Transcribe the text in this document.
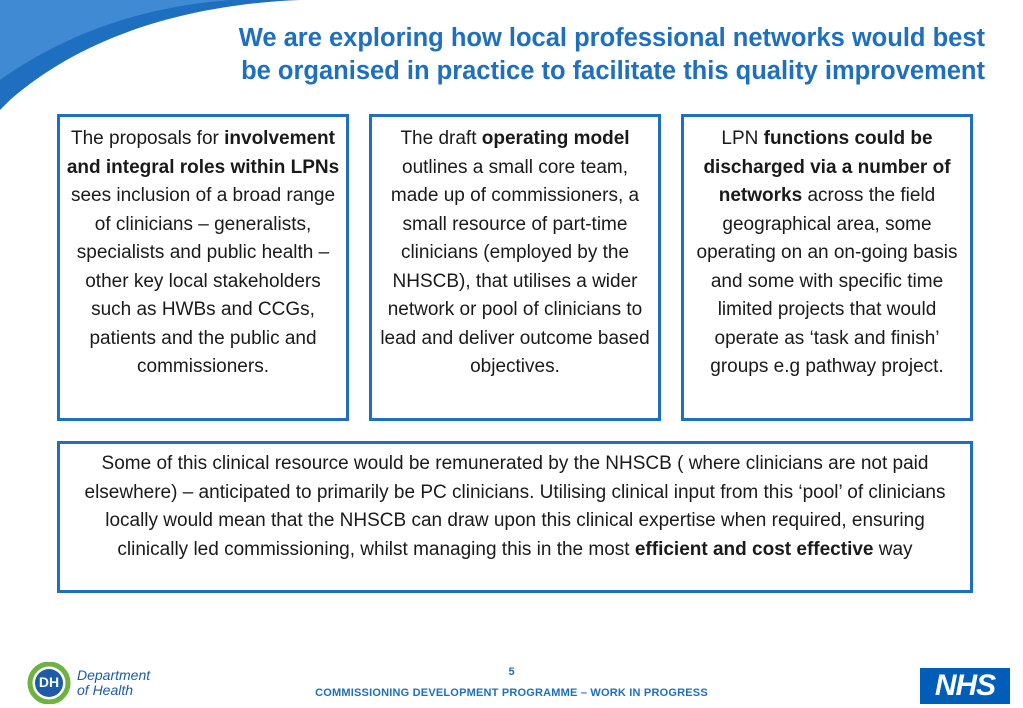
We are exploring how local professional networks would best
be organised in practice to facilitate this quality improvement
The proposals for involvement and integral roles within LPNs sees inclusion of a broad range of clinicians – generalists, specialists and public health – other key local stakeholders such as HWBs and CCGs, patients and the public and commissioners.
The draft operating model outlines a small core team, made up of commissioners, a small resource of part-time clinicians (employed by the NHSCB), that utilises a wider network or pool of clinicians to lead and deliver outcome based objectives.
LPN functions could be discharged via a number of networks across the field geographical area, some operating on an on-going basis and some with specific time limited projects that would operate as ‘task and finish’ groups e.g pathway project.
Some of this clinical resource would be remunerated by the NHSCB ( where clinicians are not paid elsewhere) – anticipated to primarily be PC clinicians. Utilising clinical input from this ‘pool’ of clinicians locally would mean that the NHSCB can draw upon this clinical expertise when required, ensuring clinically led commissioning, whilst managing this in the most efficient and cost effective way
5
COMMISSIONING DEVELOPMENT PROGRAMME – WORK IN PROGRESS
DH Department
of Health	NHS
